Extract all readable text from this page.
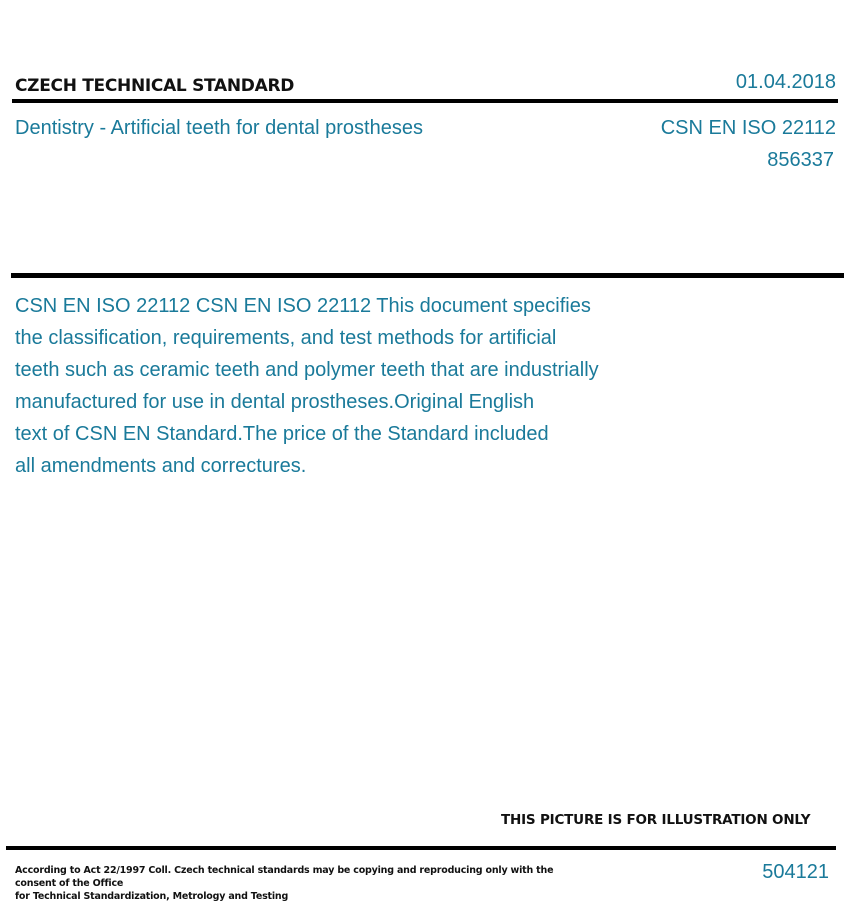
CZECH TECHNICAL STANDARD	01.04.2018
Dentistry - Artificial teeth for dental prostheses	CSN EN ISO 22112
856337
CSN EN ISO 22112 CSN EN ISO 22112 This document specifies
the classification, requirements, and test methods for artificial
teeth such as ceramic teeth and polymer teeth that are industrially
manufactured for use in dental prostheses.Original English
text of CSN EN Standard.The price of the Standard included
all amendments and correctures.
THIS PICTURE IS FOR ILLUSTRATION ONLY
According to Act 22/1997 Coll. Czech technical standards may be copying and reproducing only with the consent of the Office
for Technical Standardization, Metrology and Testing
504121
